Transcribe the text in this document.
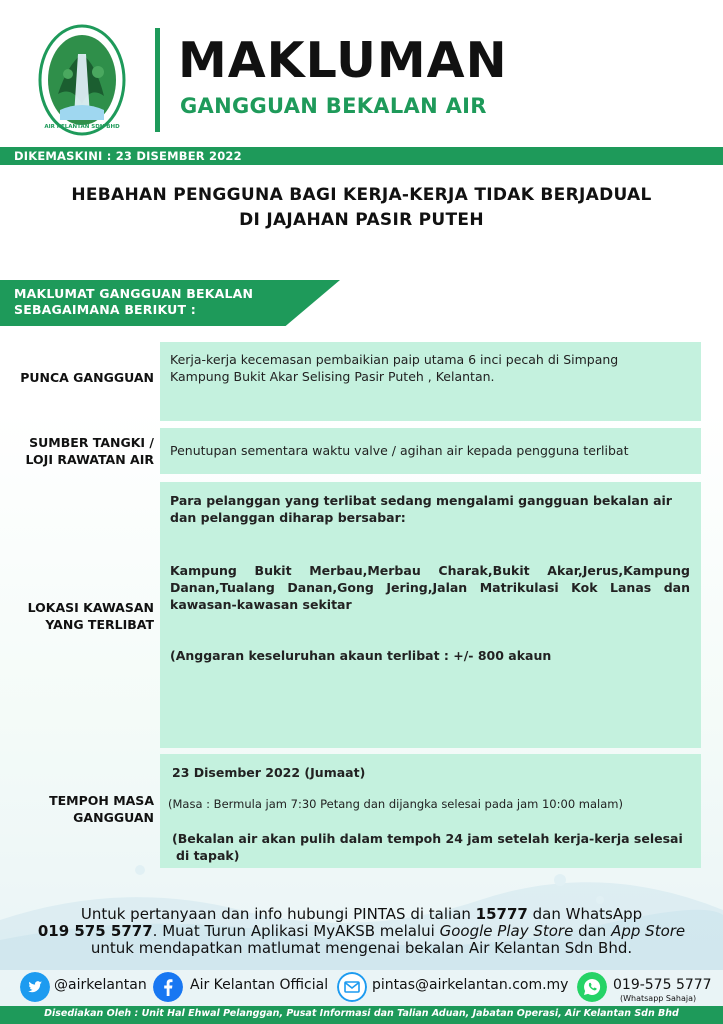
AIR KELANTAN SDN BHD
MAKLUMAN
GANGGUAN BEKALAN AIR
DIKEMASKINI : 23 DISEMBER 2022
HEBAHAN PENGGUNA BAGI KERJA-KERJA TIDAK BERJADUAL
DI JAJAHAN PASIR PUTEH
MAKLUMAT GANGGUAN BEKALAN
SEBAGAIMANA BERIKUT :
PUNCA GANGGUAN
Kerja-kerja kecemasan pembaikian paip utama 6 inci pecah di Simpang
Kampung Bukit Akar Selising Pasir Puteh , Kelantan.
SUMBER TANGKI /
LOJI RAWATAN AIR
Penutupan sementara waktu valve / agihan air kepada pengguna terlibat
LOKASI KAWASAN
YANG TERLIBAT
Para pelanggan yang terlibat sedang mengalami gangguan bekalan air
dan pelanggan diharap bersabar:
Kampung Bukit Merbau,Merbau Charak,Bukit Akar,Jerus,Kampung
Danan,Tualang Danan,Gong Jering,Jalan Matrikulasi Kok Lanas dan
kawasan-kawasan sekitar
(Anggaran keseluruhan akaun terlibat : +/- 800 akaun
TEMPOH MASA
GANGGUAN
23 Disember 2022 (Jumaat)
(Masa : Bermula jam 7:30 Petang dan dijangka selesai pada jam 10:00 malam)
(Bekalan air akan pulih dalam tempoh 24 jam setelah kerja-kerja selesai
di tapak)
Untuk pertanyaan dan info hubungi PINTAS di talian 15777 dan WhatsApp
019 575 5777. Muat Turun Aplikasi MyAKSB melalui Google Play Store dan App Store
untuk mendapatkan matlumat mengenai bekalan Air Kelantan Sdn Bhd.
@airkelantan	Air Kelantan Official	pintas@airkelantan.com.my	019-575 5777
(Whatsapp Sahaja)
Disediakan Oleh : Unit Hal Ehwal Pelanggan, Pusat Informasi dan Talian Aduan, Jabatan Operasi, Air Kelantan Sdn Bhd
